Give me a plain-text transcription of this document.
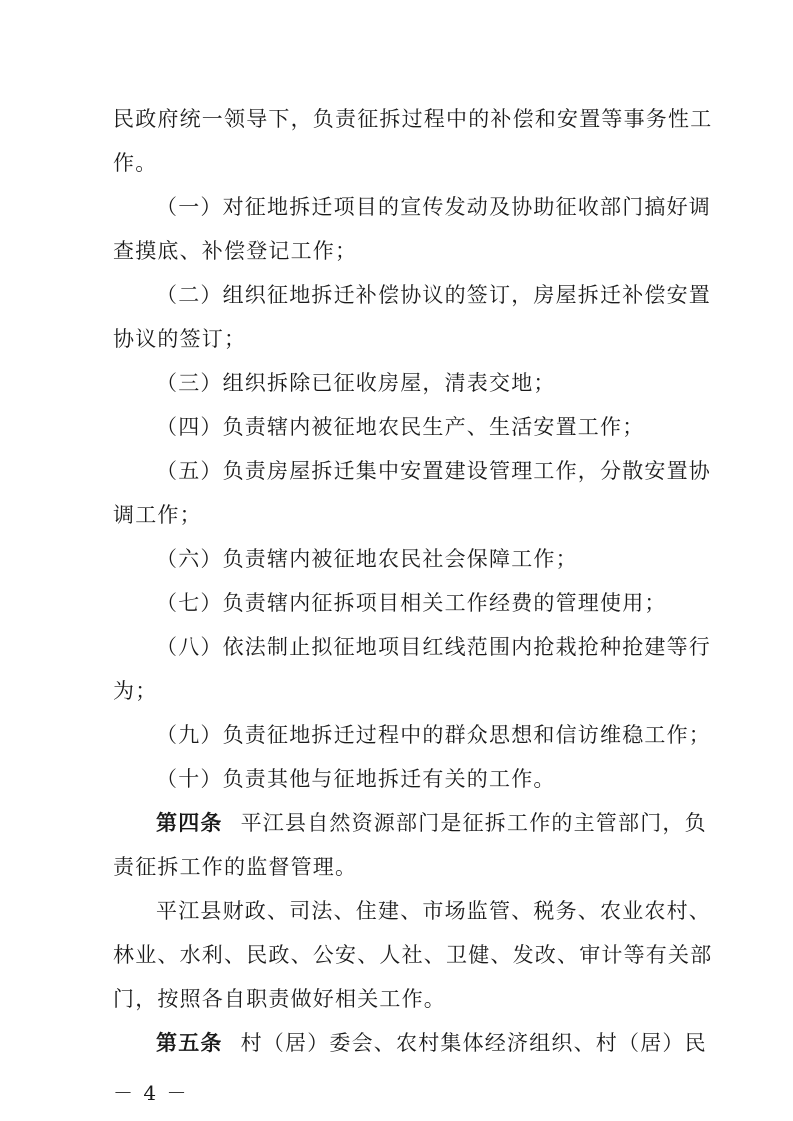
民政府统一领导下，负责征拆过程中的补偿和安置等事务性工
作。
（一）对征地拆迁项目的宣传发动及协助征收部门搞好调
查摸底、补偿登记工作；
（二）组织征地拆迁补偿协议的签订，房屋拆迁补偿安置
协议的签订；
（三）组织拆除已征收房屋，清表交地；
（四）负责辖内被征地农民生产、生活安置工作；
（五）负责房屋拆迁集中安置建设管理工作，分散安置协
调工作；
（六）负责辖内被征地农民社会保障工作；
（七）负责辖内征拆项目相关工作经费的管理使用；
（八）依法制止拟征地项目红线范围内抢栽抢种抢建等行
为；
（九）负责征地拆迁过程中的群众思想和信访维稳工作；
（十）负责其他与征地拆迁有关的工作。
第四条 平江县自然资源部门是征拆工作的主管部门，负
责征拆工作的监督管理。
平江县财政、司法、住建、市场监管、税务、农业农村、
林业、水利、民政、公安、人社、卫健、发改、审计等有关部
门，按照各自职责做好相关工作。
第五条 村（居）委会、农村集体经济组织、村（居）民
－ 4 －
